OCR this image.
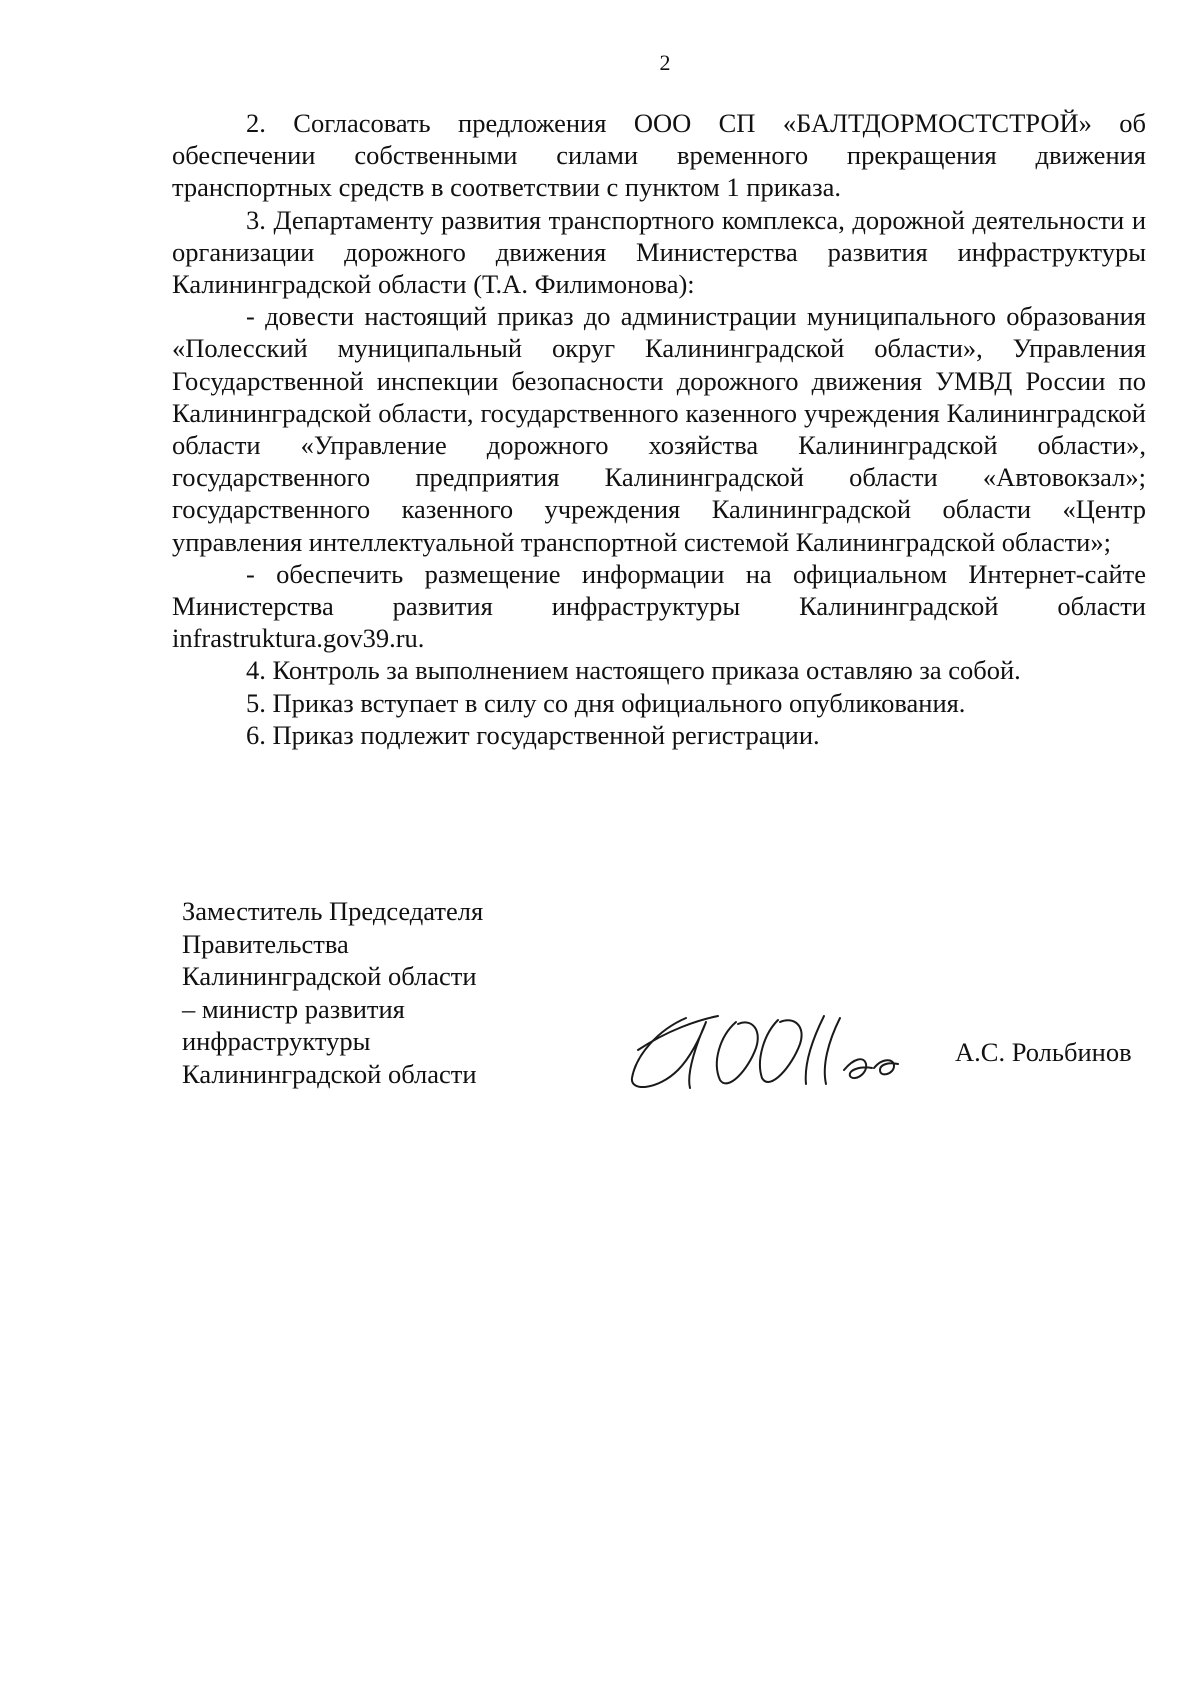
2

2. Согласовать предложения ООО СП «БАЛТДОРМОСТСТРОЙ» об обеспечении собственными силами временного прекращения движения транспортных средств в соответствии с пунктом 1 приказа.

3. Департаменту развития транспортного комплекса, дорожной деятельности и организации дорожного движения Министерства развития инфраструктуры Калининградской области (Т.А. Филимонова):

- довести настоящий приказ до администрации муниципального образования «Полесский муниципальный округ Калининградской области», Управления Государственной инспекции безопасности дорожного движения УМВД России по Калининградской области, государственного казенного учреждения Калининградской области «Управление дорожного хозяйства Калининградской области», государственного предприятия Калининградской области «Автовокзал»; государственного казенного учреждения Калининградской области «Центр управления интеллектуальной транспортной системой Калининградской области»;

- обеспечить размещение информации на официальном Интернет-сайте Министерства развития инфраструктуры Калининградской области infrastruktura.gov39.ru.

4. Контроль за выполнением настоящего приказа оставляю за собой.

5. Приказ вступает в силу со дня официального опубликования.

6. Приказ подлежит государственной регистрации.

Заместитель Председателя
Правительства
Калининградской области
– министр развития
инфраструктуры
Калининградской области
А.С. Рольбинов
